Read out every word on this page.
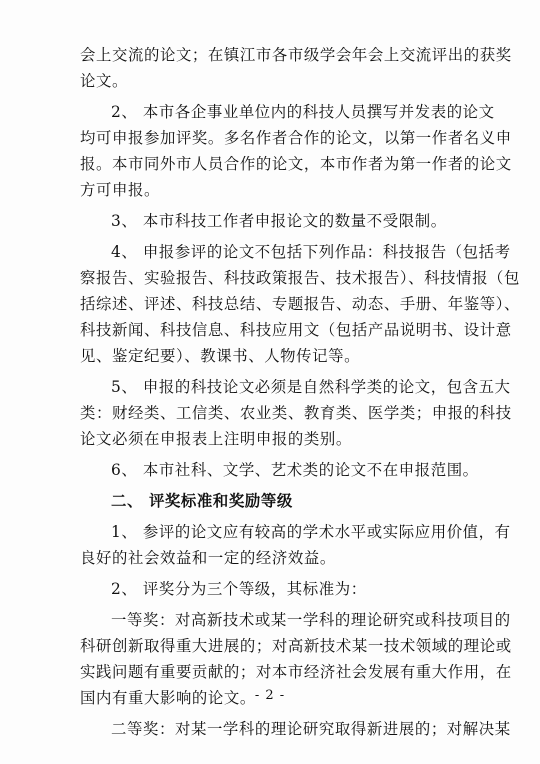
会上交流的论文；在镇江市各市级学会年会上交流评出的获奖
论文。
2、 本市各企事业单位内的科技人员撰写并发表的论文
均可申报参加评奖。多名作者合作的论文，以第一作者名义申
报。本市同外市人员合作的论文，本市作者为第一作者的论文
方可申报。
3、 本市科技工作者申报论文的数量不受限制。
4、 申报参评的论文不包括下列作品：科技报告（包括考
察报告、实验报告、科技政策报告、技术报告）、科技情报（包
括综述、评述、科技总结、专题报告、动态、手册、年鉴等）、
科技新闻、科技信息、科技应用文（包括产品说明书、设计意
见、鉴定纪要）、教课书、人物传记等。
5、 申报的科技论文必须是自然科学类的论文，包含五大
类：财经类、工信类、农业类、教育类、医学类；申报的科技
论文必须在申报表上注明申报的类别。
6、 本市社科、文学、艺术类的论文不在申报范围。
二、 评奖标准和奖励等级
1、 参评的论文应有较高的学术水平或实际应用价值，有
良好的社会效益和一定的经济效益。
2、 评奖分为三个等级，其标准为：
一等奖：对高新技术或某一学科的理论研究或科技项目的
科研创新取得重大进展的；对高新技术某一技术领域的理论或
实践问题有重要贡献的；对本市经济社会发展有重大作用，在
国内有重大影响的论文。
二等奖：对某一学科的理论研究取得新进展的；对解决某
- 2 -
